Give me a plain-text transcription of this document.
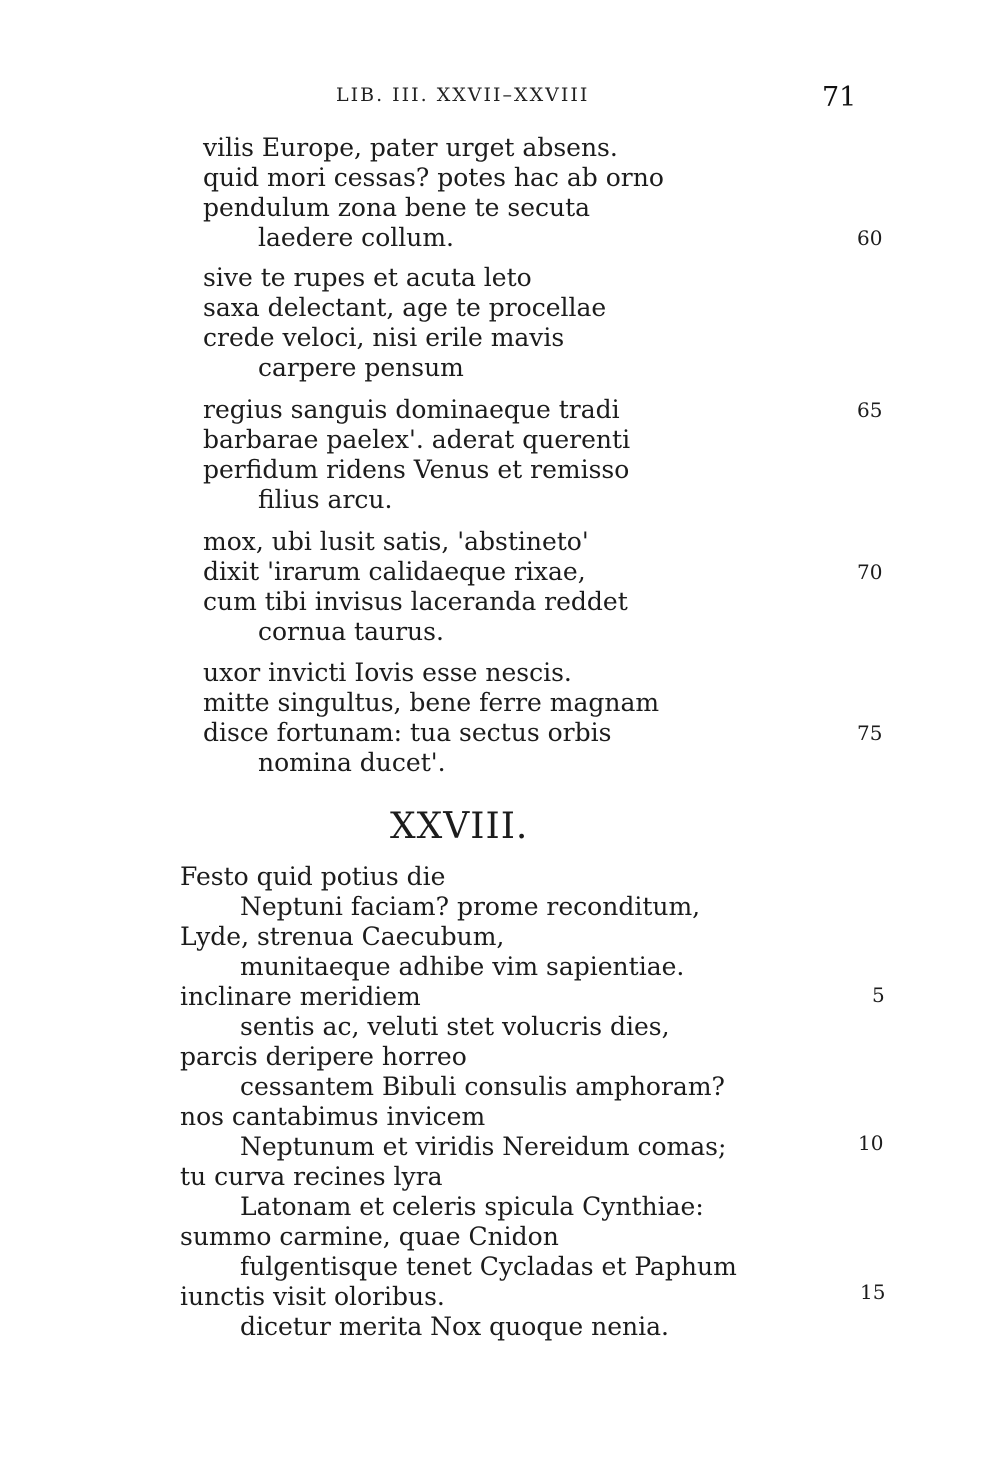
LIB. III. XXVII–XXVIII	71
vilis Europe, pater urget absens.
quid mori cessas? potes hac ab orno
pendulum zona bene te secuta
laedere collum.	60
sive te rupes et acuta leto
saxa delectant, age te procellae
crede veloci, nisi erile mavis
carpere pensum
regius sanguis dominaeque tradi	65
barbarae paelex'. aderat querenti
perfidum ridens Venus et remisso
filius arcu.
mox, ubi lusit satis, 'abstineto'
dixit 'irarum calidaeque rixae,	70
cum tibi invisus laceranda reddet
cornua taurus.
uxor invicti Iovis esse nescis.
mitte singultus, bene ferre magnam
disce fortunam: tua sectus orbis	75
nomina ducet'.
XXVIII.
Festo quid potius die
Neptuni faciam? prome reconditum,
Lyde, strenua Caecubum,
munitaeque adhibe vim sapientiae.
inclinare meridiem	5
sentis ac, veluti stet volucris dies,
parcis deripere horreo
cessantem Bibuli consulis amphoram?
nos cantabimus invicem
Neptunum et viridis Nereidum comas;	10
tu curva recines lyra
Latonam et celeris spicula Cynthiae:
summo carmine, quae Cnidon
fulgentisque tenet Cycladas et Paphum
iunctis visit oloribus.	15
dicetur merita Nox quoque nenia.
